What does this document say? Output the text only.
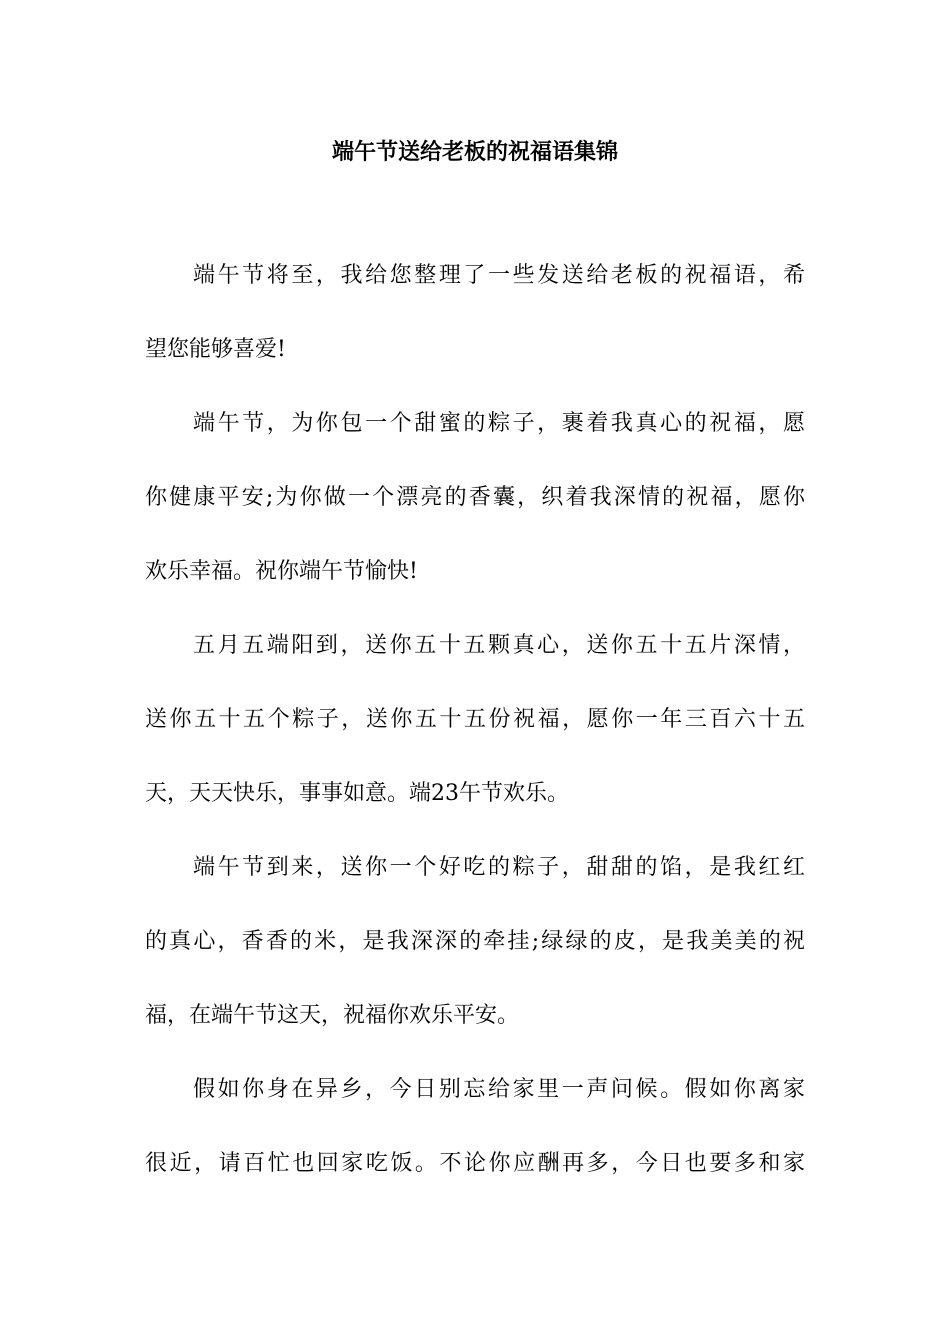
端午节送给老板的祝福语集锦
端午节将至，我给您整理了一些发送给老板的祝福语，希
望您能够喜爱!
端午节，为你包一个甜蜜的粽子，裹着我真心的祝福，愿
你健康平安;为你做一个漂亮的香囊，织着我深情的祝福，愿你
欢乐幸福。祝你端午节愉快!
五月五端阳到，送你五十五颗真心，送你五十五片深情，
送你五十五个粽子，送你五十五份祝福，愿你一年三百六十五
天，天天快乐，事事如意。端23午节欢乐。
端午节到来，送你一个好吃的粽子，甜甜的馅，是我红红
的真心，香香的米，是我深深的牵挂;绿绿的皮，是我美美的祝
福，在端午节这天，祝福你欢乐平安。
假如你身在异乡，今日别忘给家里一声问候。假如你离家
很近，请百忙也回家吃饭。不论你应酬再多，今日也要多和家
